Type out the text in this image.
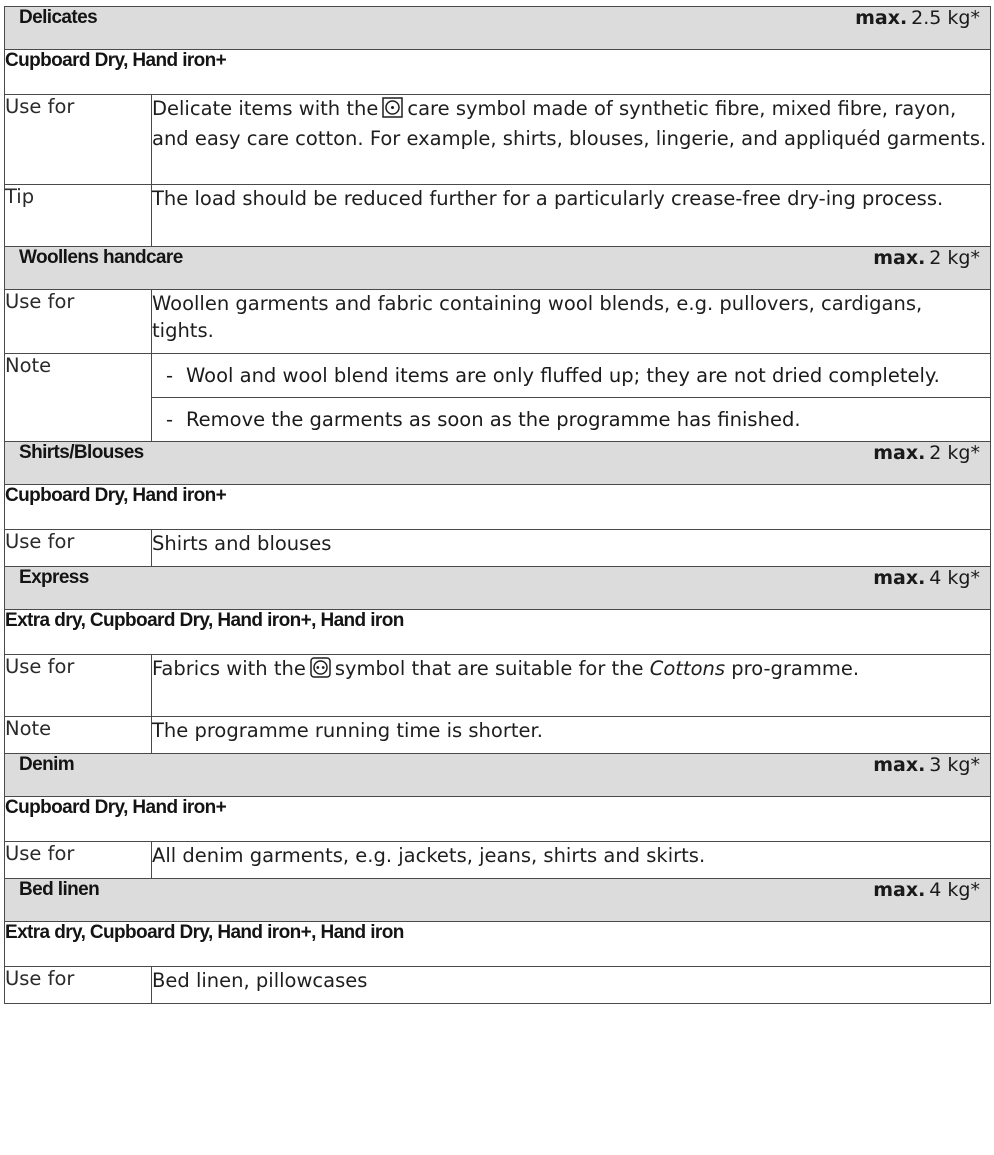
Delicates max. 2.5 kg*	

Cupboard Dry, Hand iron+	
Use for	Delicate items with the care symbol made of synthetic fibre, mixed fibre, rayon, and easy care cotton. For example, shirts, blouses, lingerie, and appliquéd garments.
Tip	The load should be reduced further for a particularly crease-free dry-ing process.

Woollens handcare max. 2 kg*	

Use for	Woollen garments and fabric containing wool blends, e.g. pullovers, cardigans, tights.
Note	- Wool and wool blend items are only fluffed up; they are not dried completely.
- Remove the garments as soon as the programme has finished.

Shirts/Blouses max. 2 kg*	

Cupboard Dry, Hand iron+	
Use for	Shirts and blouses

Express max. 4 kg*	

Extra dry, Cupboard Dry, Hand iron+, Hand iron	
Use for	Fabrics with the symbol that are suitable for the Cottons pro-gramme.
Note	The programme running time is shorter.

Denim max. 3 kg*	

Cupboard Dry, Hand iron+	
Use for	All denim garments, e.g. jackets, jeans, shirts and skirts.

Bed linen max. 4 kg*	

Extra dry, Cupboard Dry, Hand iron+, Hand iron	
Use for	Bed linen, pillowcases
